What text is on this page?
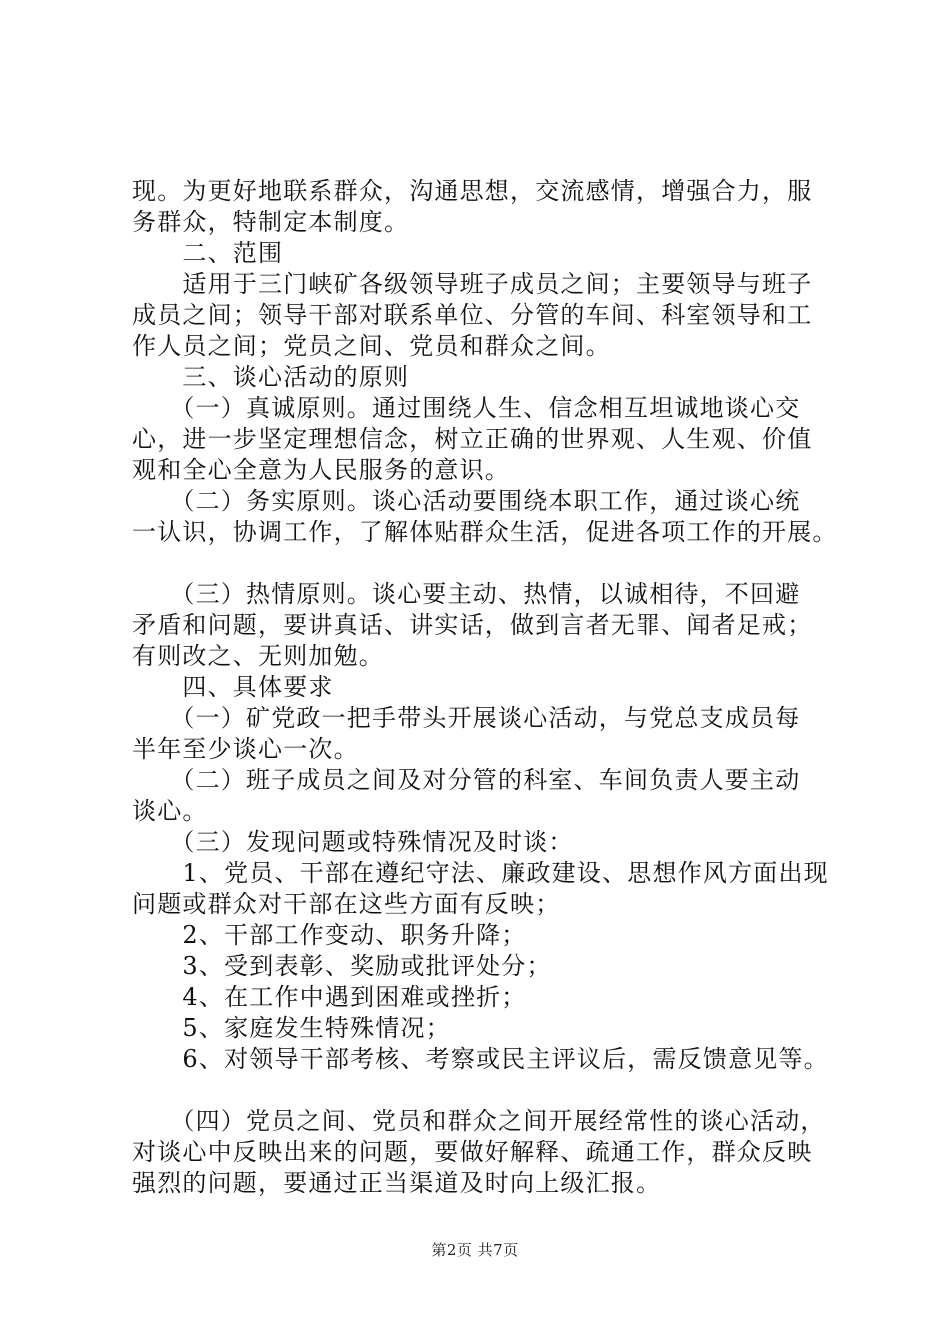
现。为更好地联系群众，沟通思想，交流感情，增强合力，服
务群众，特制定本制度。
　　二、范围
　　适用于三门峡矿各级领导班子成员之间；主要领导与班子
成员之间；领导干部对联系单位、分管的车间、科室领导和工
作人员之间；党员之间、党员和群众之间。
　　三、谈心活动的原则
　　（一）真诚原则。通过围绕人生、信念相互坦诚地谈心交
心，进一步坚定理想信念，树立正确的世界观、人生观、价值
观和全心全意为人民服务的意识。
　　（二）务实原则。谈心活动要围绕本职工作，通过谈心统
一认识，协调工作，了解体贴群众生活，促进各项工作的开展。
　　（三）热情原则。谈心要主动、热情，以诚相待，不回避
矛盾和问题，要讲真话、讲实话，做到言者无罪、闻者足戒；
有则改之、无则加勉。
　　四、具体要求
　　（一）矿党政一把手带头开展谈心活动，与党总支成员每
半年至少谈心一次。
　　（二）班子成员之间及对分管的科室、车间负责人要主动
谈心。
　　（三）发现问题或特殊情况及时谈：
　　1、党员、干部在遵纪守法、廉政建设、思想作风方面出现
问题或群众对干部在这些方面有反映；
　　2、干部工作变动、职务升降；
　　3、受到表彰、奖励或批评处分；
　　4、在工作中遇到困难或挫折；
　　5、家庭发生特殊情况；
　　6、对领导干部考核、考察或民主评议后，需反馈意见等。
　　（四）党员之间、党员和群众之间开展经常性的谈心活动，
对谈心中反映出来的问题，要做好解释、疏通工作，群众反映
强烈的问题，要通过正当渠道及时向上级汇报。
第2页 共7页
